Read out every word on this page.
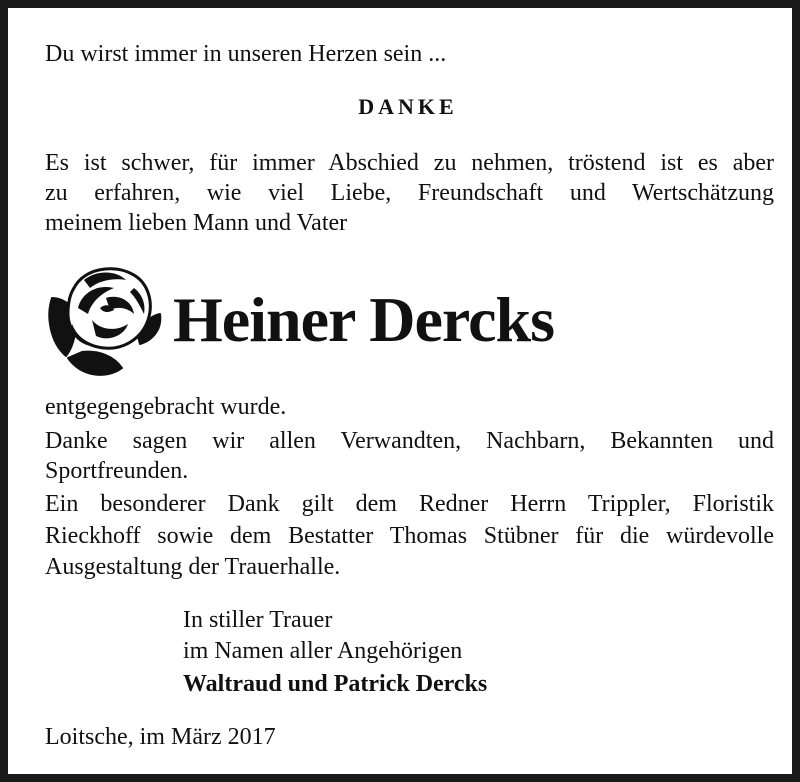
Du wirst immer in unseren Herzen sein ...
DANKE
Es ist schwer, für immer Abschied zu nehmen, tröstend ist es aber
zu erfahren, wie viel Liebe, Freundschaft und Wertschätzung
meinem lieben Mann und Vater
Heiner Dercks
entgegengebracht wurde.
Danke sagen wir allen Verwandten, Nachbarn, Bekannten und
Sportfreunden.
Ein besonderer Dank gilt dem Redner Herrn Trippler, Floristik
Rieckhoff sowie dem Bestatter Thomas Stübner für die würdevolle
Ausgestaltung der Trauerhalle.
In stiller Trauer
im Namen aller Angehörigen
Waltraud und Patrick Dercks
Loitsche, im März 2017
